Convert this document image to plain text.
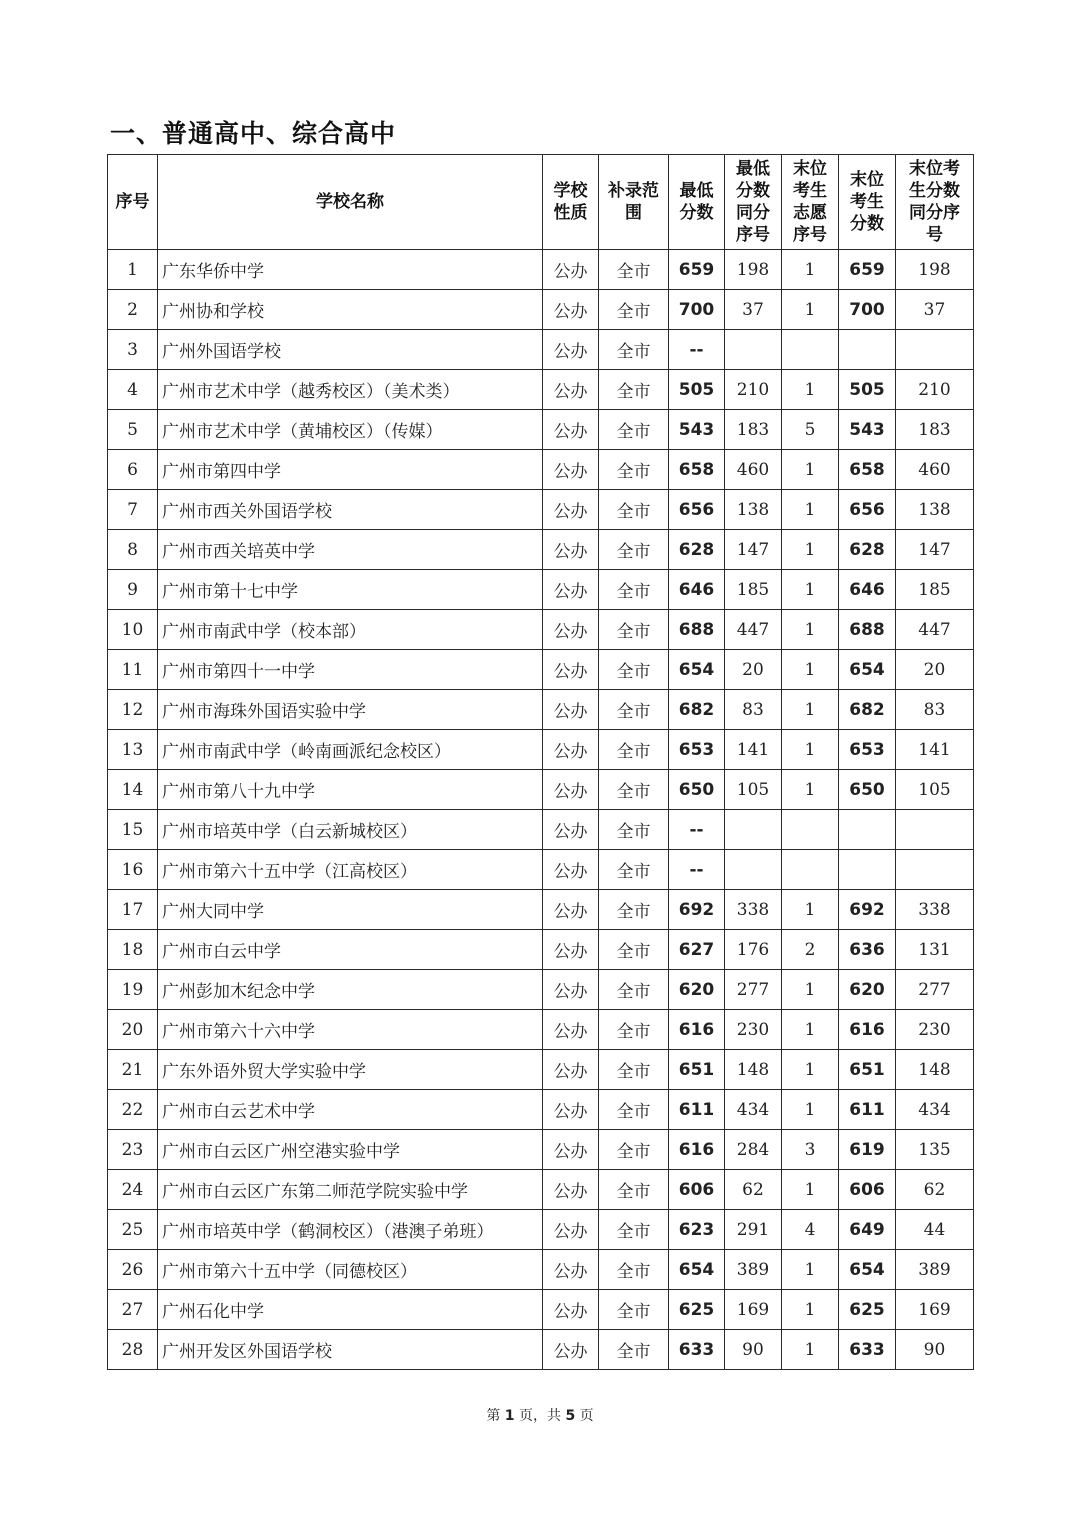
一、普通高中、综合高中
序号	学校名称	学校性质	补录范围	最低分数	最低分数同分序号	末位考生志愿序号	末位考生分数	末位考生分数同分序号
1	广东华侨中学	公办	全市	659	198	1	659	198
2	广州协和学校	公办	全市	700	37	1	700	37
3	广州外国语学校	公办	全市	--				
4	广州市艺术中学（越秀校区）（美术类）	公办	全市	505	210	1	505	210
5	广州市艺术中学（黄埔校区）（传媒）	公办	全市	543	183	5	543	183
6	广州市第四中学	公办	全市	658	460	1	658	460
7	广州市西关外国语学校	公办	全市	656	138	1	656	138
8	广州市西关培英中学	公办	全市	628	147	1	628	147
9	广州市第十七中学	公办	全市	646	185	1	646	185
10	广州市南武中学（校本部）	公办	全市	688	447	1	688	447
11	广州市第四十一中学	公办	全市	654	20	1	654	20
12	广州市海珠外国语实验中学	公办	全市	682	83	1	682	83
13	广州市南武中学（岭南画派纪念校区）	公办	全市	653	141	1	653	141
14	广州市第八十九中学	公办	全市	650	105	1	650	105
15	广州市培英中学（白云新城校区）	公办	全市	--				
16	广州市第六十五中学（江高校区）	公办	全市	--				
17	广州大同中学	公办	全市	692	338	1	692	338
18	广州市白云中学	公办	全市	627	176	2	636	131
19	广州彭加木纪念中学	公办	全市	620	277	1	620	277
20	广州市第六十六中学	公办	全市	616	230	1	616	230
21	广东外语外贸大学实验中学	公办	全市	651	148	1	651	148
22	广州市白云艺术中学	公办	全市	611	434	1	611	434
23	广州市白云区广州空港实验中学	公办	全市	616	284	3	619	135
24	广州市白云区广东第二师范学院实验中学	公办	全市	606	62	1	606	62
25	广州市培英中学（鹤洞校区）（港澳子弟班）	公办	全市	623	291	4	649	44
26	广州市第六十五中学（同德校区）	公办	全市	654	389	1	654	389
27	广州石化中学	公办	全市	625	169	1	625	169
28	广州开发区外国语学校	公办	全市	633	90	1	633	90
第 1 页，共 5 页
